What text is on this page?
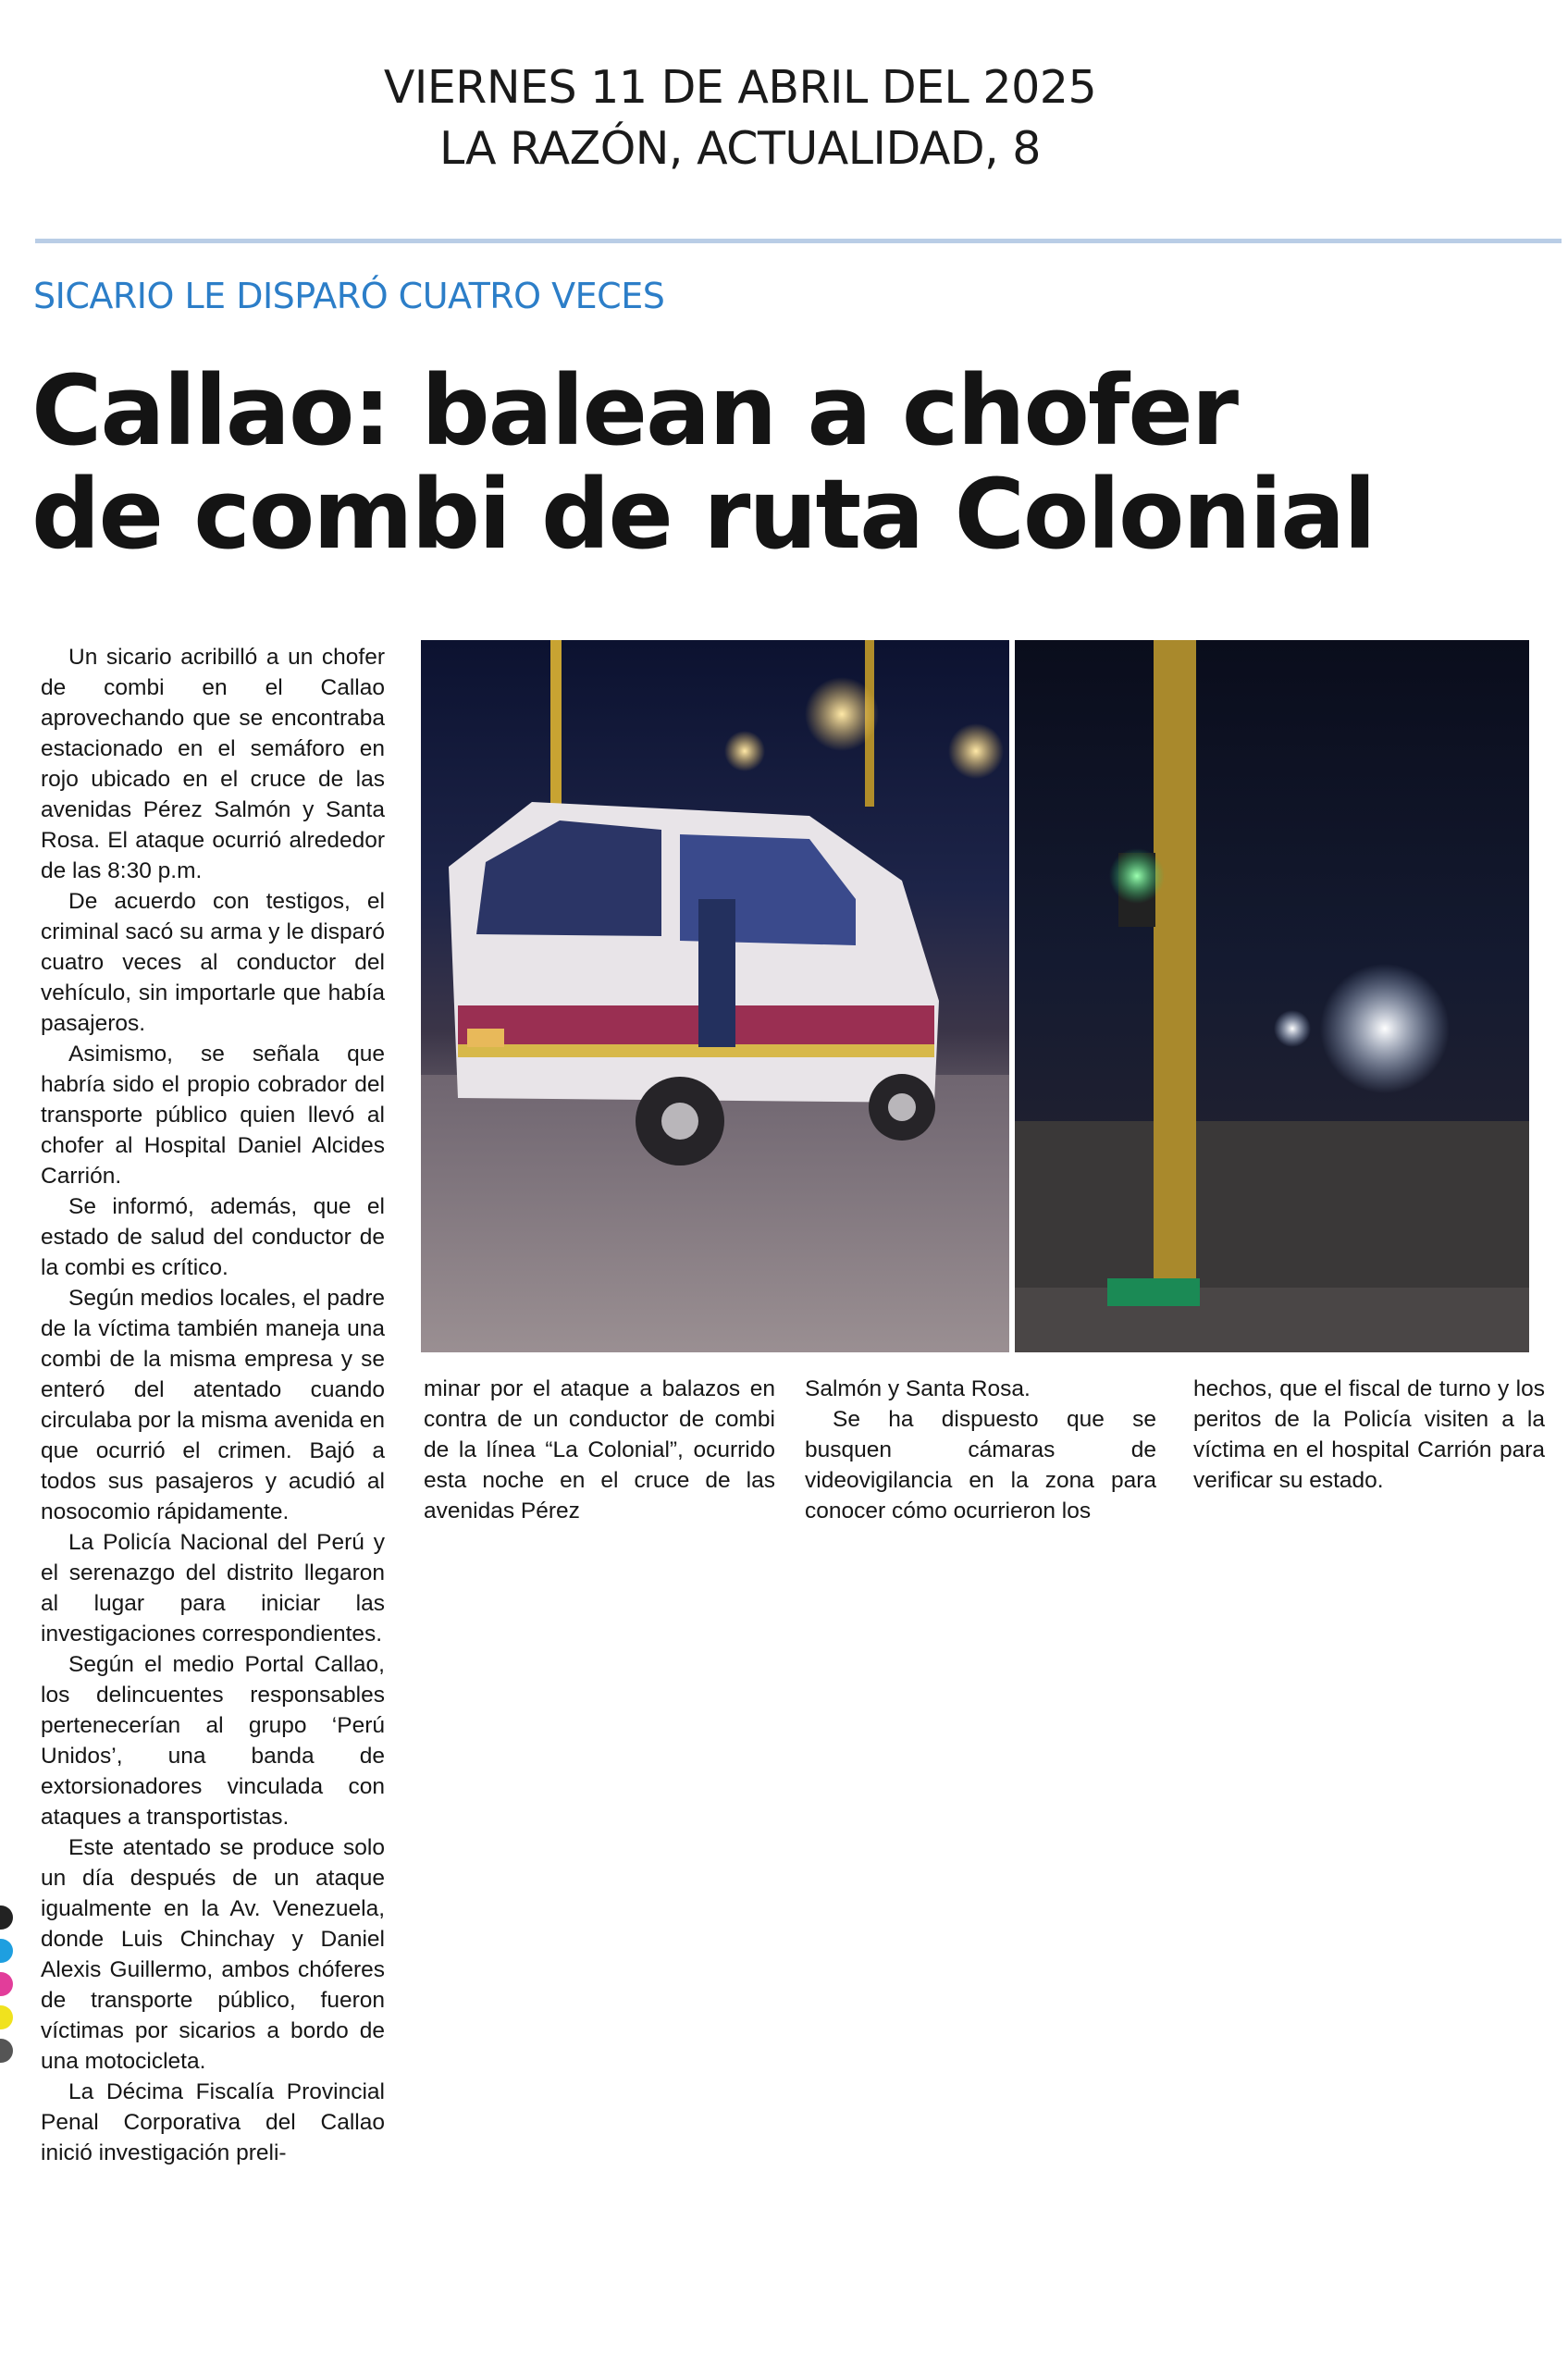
VIERNES 11 DE ABRIL DEL 2025
LA RAZÓN, ACTUALIDAD, 8
SICARIO LE DISPARÓ CUATRO VECES
Callao: balean a chofer
de combi de ruta Colonial

Un sicario acribilló a un chofer de combi en el Callao aprovechando que se encontraba estacionado en el semáforo en rojo ubicado en el cruce de las avenidas Pérez Salmón y Santa Rosa. El ataque ocurrió alrededor de las 8:30 p.m.

De acuerdo con testigos, el criminal sacó su arma y le disparó cuatro veces al conductor del vehículo, sin importarle que había pasajeros.

Asimismo, se señala que habría sido el propio cobrador del transporte público quien llevó al chofer al Hospital Daniel Alcides Carrión.

Se informó, además, que el estado de salud del conductor de la combi es crítico.

Según medios locales, el padre de la víctima también maneja una combi de la misma empresa y se enteró del atentado cuando circulaba por la misma avenida en que ocurrió el crimen. Bajó a todos sus pasajeros y acudió al nosocomio rápidamente.

La Policía Nacional del Perú y el serenazgo del distrito llegaron al lugar para iniciar las investigaciones correspondientes.

Según el medio Portal Callao, los delincuentes responsables pertenecerían al grupo ‘Perú Unidos’, una banda de extorsionadores vinculada con ataques a transportistas.

Este atentado se produce solo un día después de un ataque igualmente en la Av. Venezuela, donde Luis Chinchay y Daniel Alexis Guillermo, ambos chóferes de transporte público, fueron víctimas por sicarios a bordo de una motocicleta.

La Décima Fiscalía Provincial Penal Corporativa del Callao inició investigación preli-

minar por el ataque a balazos en contra de un conductor de combi de la línea “La Colonial”, ocurrido esta noche en el cruce de las avenidas Pérez

Salmón y Santa Rosa.

Se ha dispuesto que se busquen cámaras de videovigilancia en la zona para conocer cómo ocurrieron los

hechos, que el fiscal de turno y los peritos de la Policía visiten a la víctima en el hospital Carrión para verificar su estado.
